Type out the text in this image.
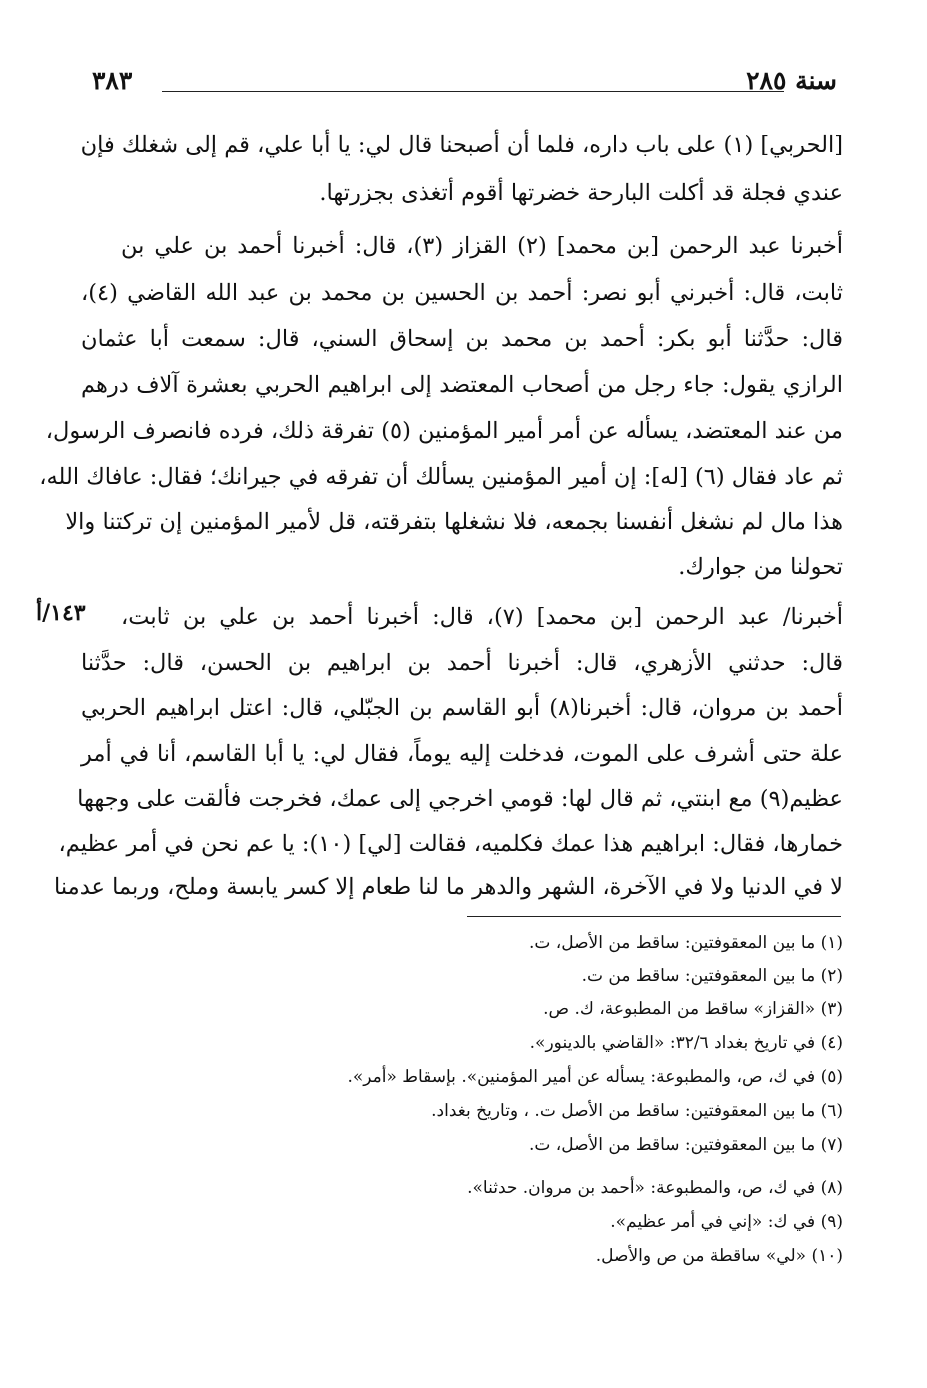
٣٨٣	سنة ٢٨٥
١٤٣/أ
[الحربي] (١) على باب داره، فلما أن أصبحنا قال لي: يا أبا علي، قم إلى شغلك فإن
عندي فجلة قد أكلت البارحة خضرتها أقوم أتغذى بجزرتها.
أخبرنا عبد الرحمن [بن محمد] (٢) القزاز (٣)، قال: أخبرنا أحمد بن علي بن
ثابت، قال: أخبرني أبو نصر: أحمد بن الحسين بن محمد بن عبد الله القاضي (٤)،
قال: حدَّثنا أبو بكر: أحمد بن محمد بن إسحاق السني، قال: سمعت أبا عثمان
الرازي يقول: جاء رجل من أصحاب المعتضد إلى ابراهيم الحربي بعشرة آلاف درهم
من عند المعتضد، يسأله عن أمر أمير المؤمنين (٥) تفرقة ذلك، فرده فانصرف الرسول،
ثم عاد فقال (٦) [له]: إن أمير المؤمنين يسألك أن تفرقه في جيرانك؛ فقال: عافاك الله،
هذا مال لم نشغل أنفسنا بجمعه، فلا نشغلها بتفرقته، قل لأمير المؤمنين إن تركتنا والا
تحولنا من جوارك.
أخبرنا/ عبد الرحمن [بن محمد] (٧)، قال: أخبرنا أحمد بن علي بن ثابت،
قال: حدثني الأزهري، قال: أخبرنا أحمد بن ابراهيم بن الحسن، قال: حدَّثنا
أحمد بن مروان، قال: أخبرنا(٨) أبو القاسم بن الجبّلي، قال: اعتل ابراهيم الحربي
علة حتى أشرف على الموت، فدخلت إليه يوماً، فقال لي: يا أبا القاسم، أنا في أمر
عظيم(٩) مع ابنتي، ثم قال لها: قومي اخرجي إلى عمك، فخرجت فألقت على وجهها
خمارها، فقال: ابراهيم هذا عمك فكلميه، فقالت [لي] (١٠): يا عم نحن في أمر عظيم،
لا في الدنيا ولا في الآخرة، الشهر والدهر ما لنا طعام إلا كسر يابسة وملح، وربما عدمنا
(١) ما بين المعقوفتين: ساقط من الأصل، ت.
(٢) ما بين المعقوفتين: ساقط من ت.
(٣) «القزاز» ساقط من المطبوعة، ك. ص.
(٤) في تاريخ بغداد ٣٢/٦: «القاضي بالدينور».
(٥) في ك، ص، والمطبوعة: يسأله عن أمير المؤمنين». بإسقاط «أمر».
(٦) ما بين المعقوفتين: ساقط من الأصل ت. ، وتاريخ بغداد.
(٧) ما بين المعقوفتين: ساقط من الأصل، ت.
(٨) في ك، ص، والمطبوعة: «أحمد بن مروان. حدثنا».
(٩) في ك: «إني في أمر عظيم».
(١٠) «لي» ساقطة من ص والأصل.
